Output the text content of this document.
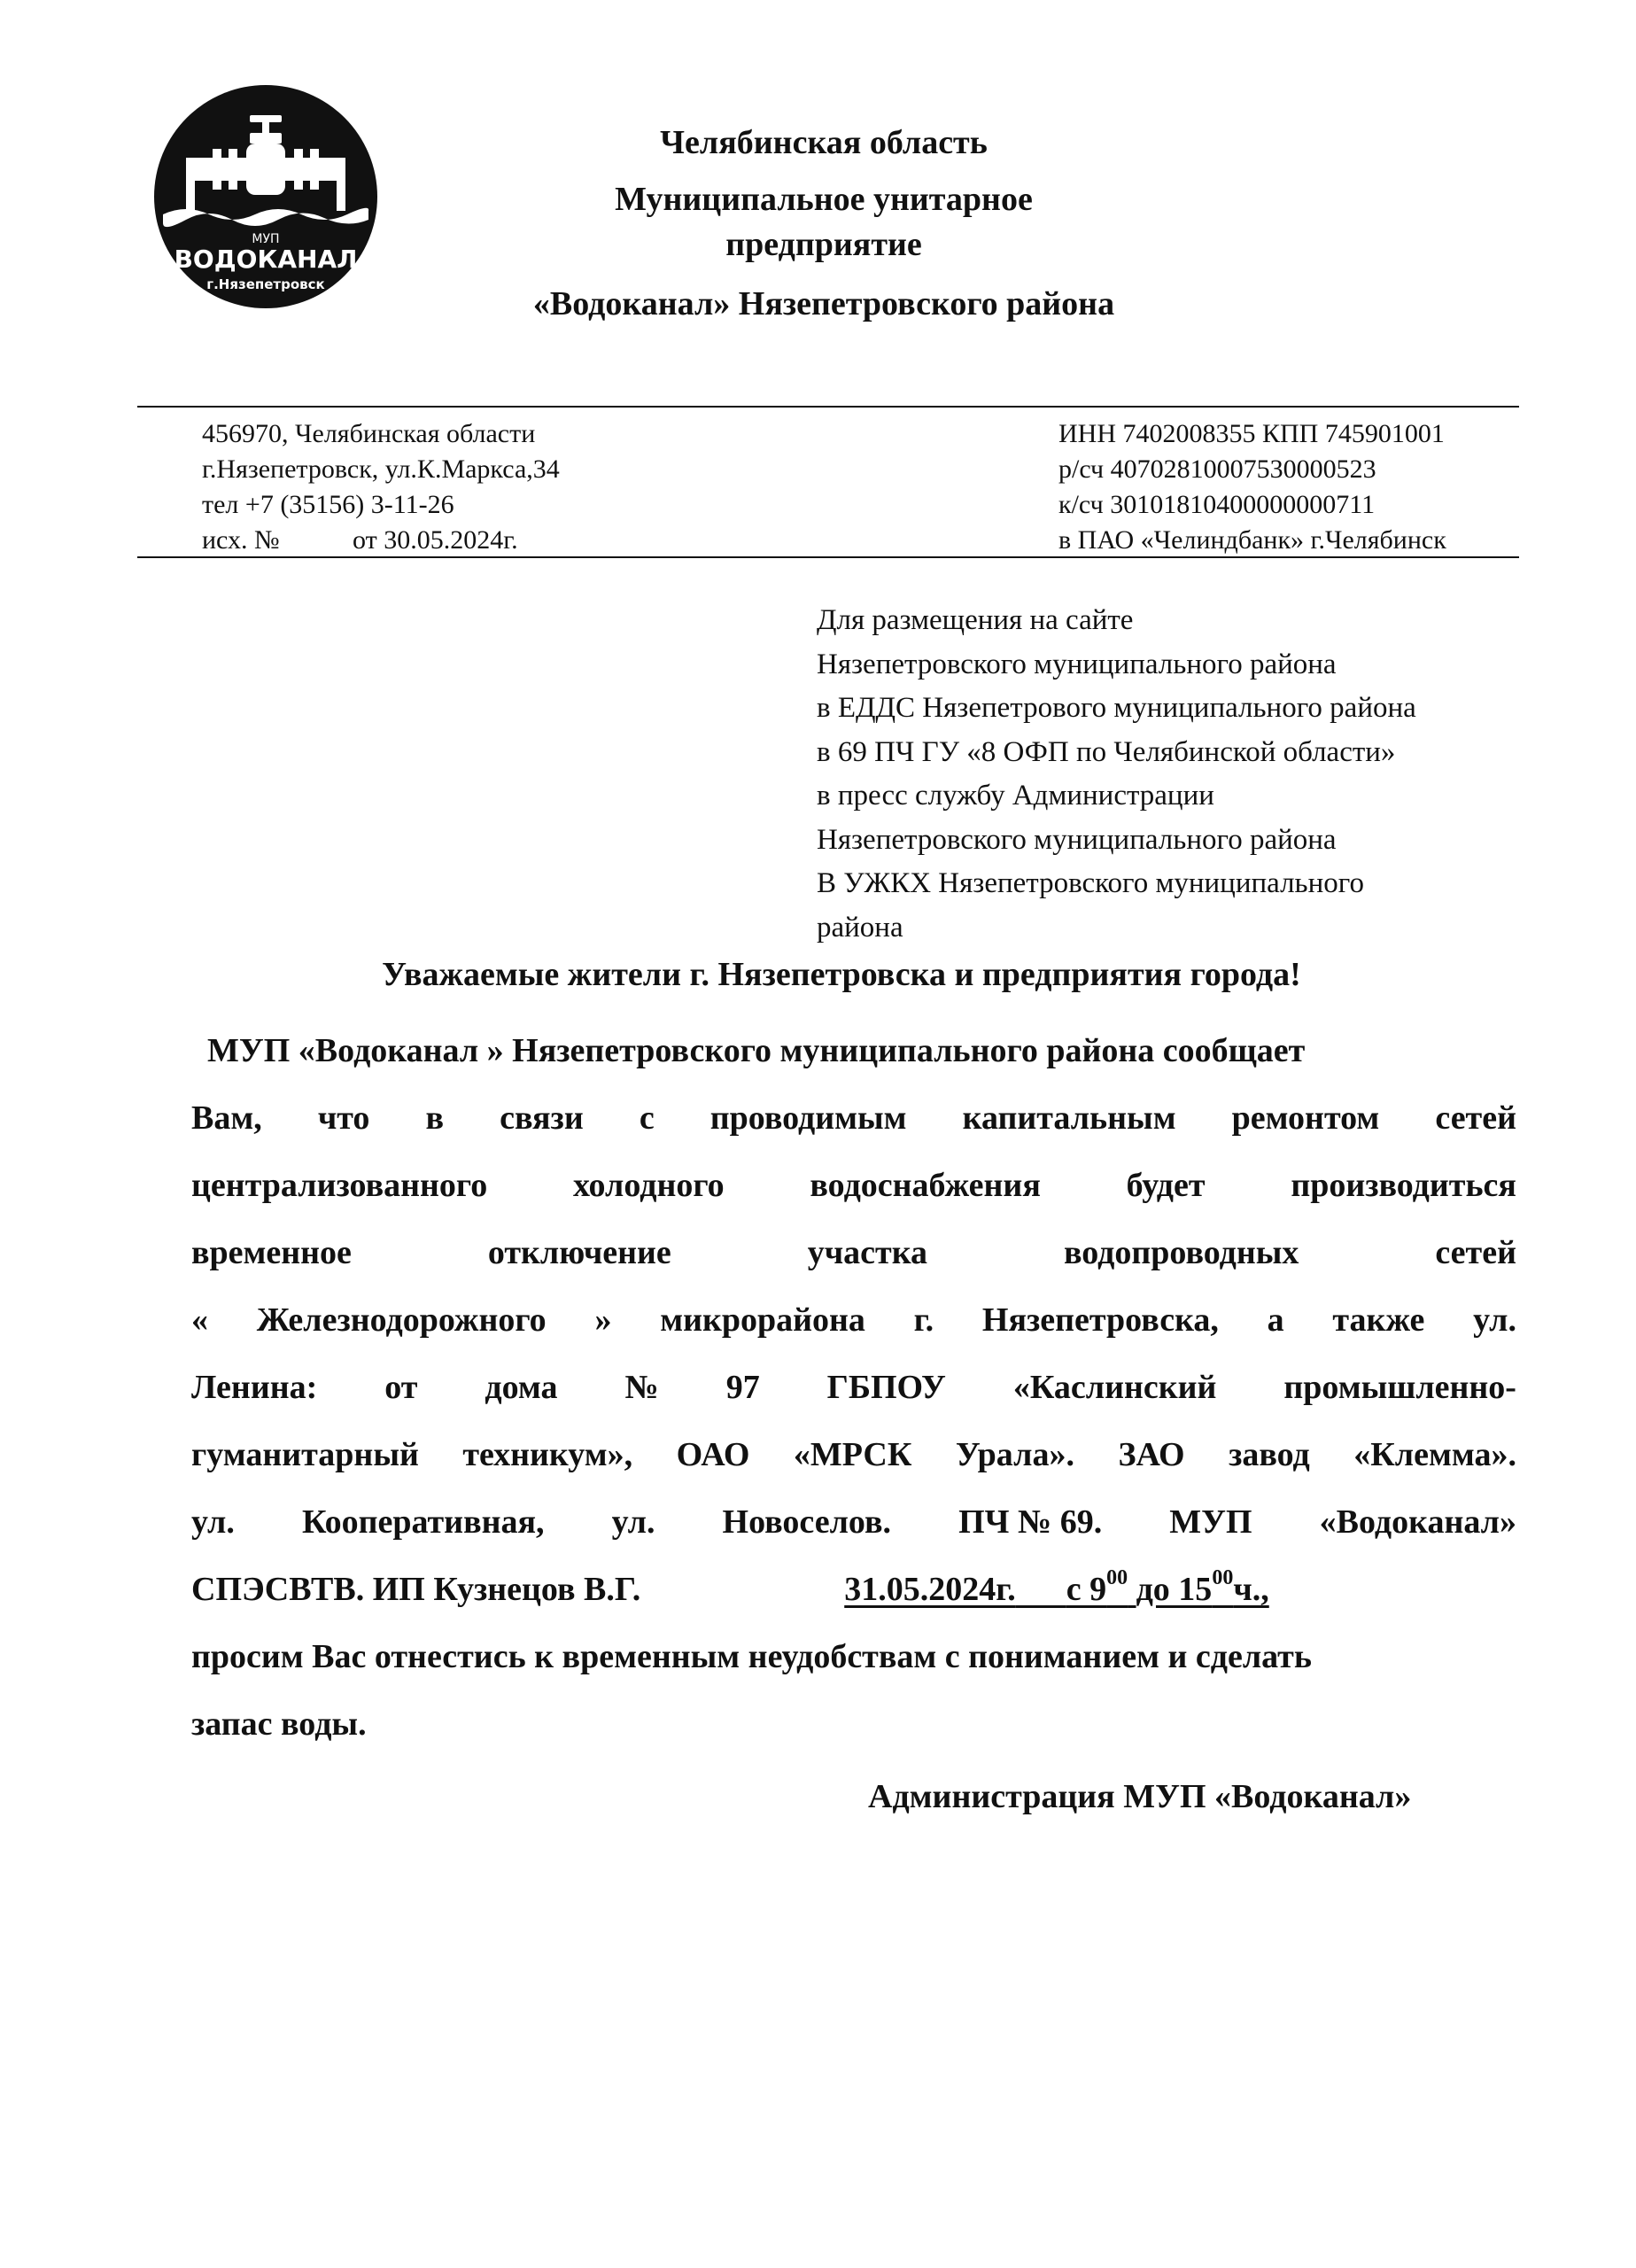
МУП
ВОДОКАНАЛ
г.Нязепетровск
Челябинская область
Муниципальное унитарное
предприятие
«Водоканал» Нязепетровского района
456970, Челябинская области
г.Нязепетровск, ул.К.Маркса,34
тел +7 (35156) 3-11-26
исх. №	от 30.05.2024г.
ИНН 7402008355 КПП 745901001
р/сч 40702810007530000523
к/сч 30101810400000000711
в ПАО «Челиндбанк» г.Челябинск
Для размещения на сайте
Нязепетровского муниципального района
в ЕДДС Нязепетрового муниципального района
в 69 ПЧ ГУ «8 ОФП по Челябинской области»
в пресс службу Администрации
Нязепетровского муниципального района
В УЖКХ Нязепетровского муниципального
района
Уважаемые жители г. Нязепетровска и предприятия города!
МУП «Водоканал » Нязепетровского муниципального района сообщает
Вам, что в связи с проводимым капитальным ремонтом сетей
централизованного	холодного	водоснабжения	будет	производиться
временное	отключение	участка	водопроводных	сетей
« Железнодорожного » микрорайона г. Нязепетровска, а также ул.
Ленина: от дома № 97 ГБПОУ «Каслинский промышленно-
гуманитарный техникум», ОАО «МРСК Урала». ЗАО завод «Клемма».
ул. Кооперативная, ул. Новоселов. ПЧ № 69. МУП «Водоканал»
СПЭСВТВ. ИП Кузнецов В.Г.	31.05.2024г. с $9^{00}$ до $15^{00}ч$.,
просим Вас отнестись к временным неудобствам с пониманием и сделать
запас воды.
Администрация МУП «Водоканал»
